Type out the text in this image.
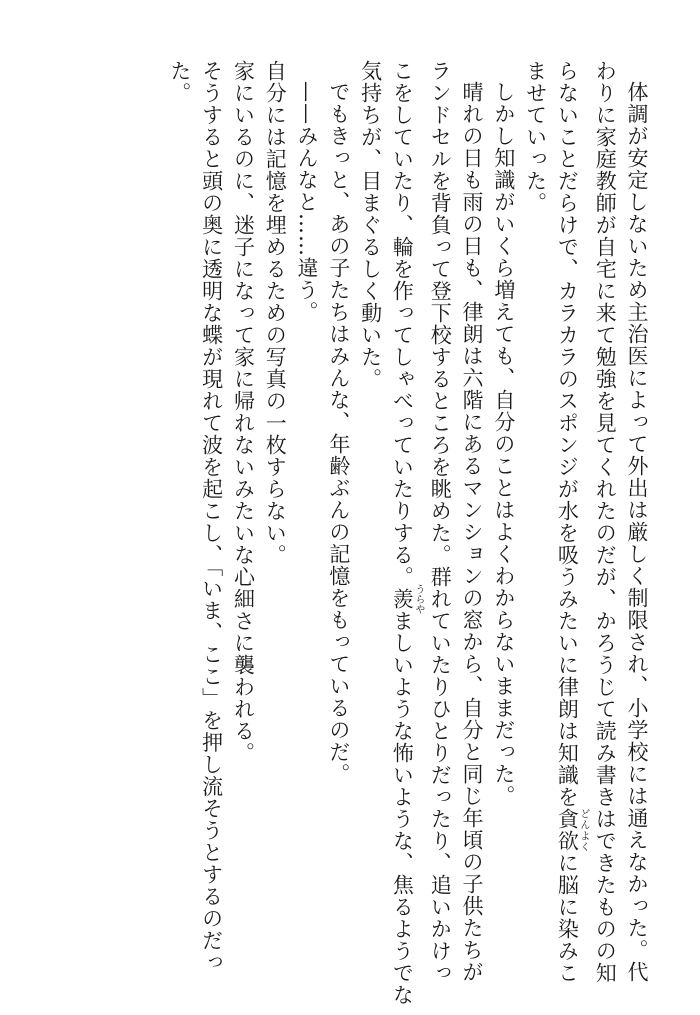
体調が安定しないため主治医によって外出は厳しく制限され、小学校には通えなかった。代
わりに家庭教師が自宅に来て勉強を見てくれたのだが、かろうじて読み書きはできたものの知
らないことだらけで、カラカラのスポンジが水を吸うみたいに律朗は知識を貪欲どんよくに脳に染みこ
ませていった。
しかし知識がいくら増えても、自分のことはよくわからないままだった。
晴れの日も雨の日も、律朗は六階にあるマンションの窓から、自分と同じ年頃の子供たちが
ランドセルを背負って登下校するところを眺めた。群れていたりひとりだったり、追いかけっ
こをしていたり、輪を作ってしゃべっていたりする。羨うらやましいような怖いような、焦るようでな
気持ちが、目まぐるしく動いた。
でもきっと、あの子たちはみんな、年齢ぶんの記憶をもっているのだ。
——みんなと……違う。
自分には記憶を埋めるための写真の一枚すらない。
家にいるのに、迷子になって家に帰れないみたいな心細さに襲われる。
そうすると頭の奥に透明な蝶が現れて波を起こし、「いま、ここ」を押し流そうとするのだっ
た。
